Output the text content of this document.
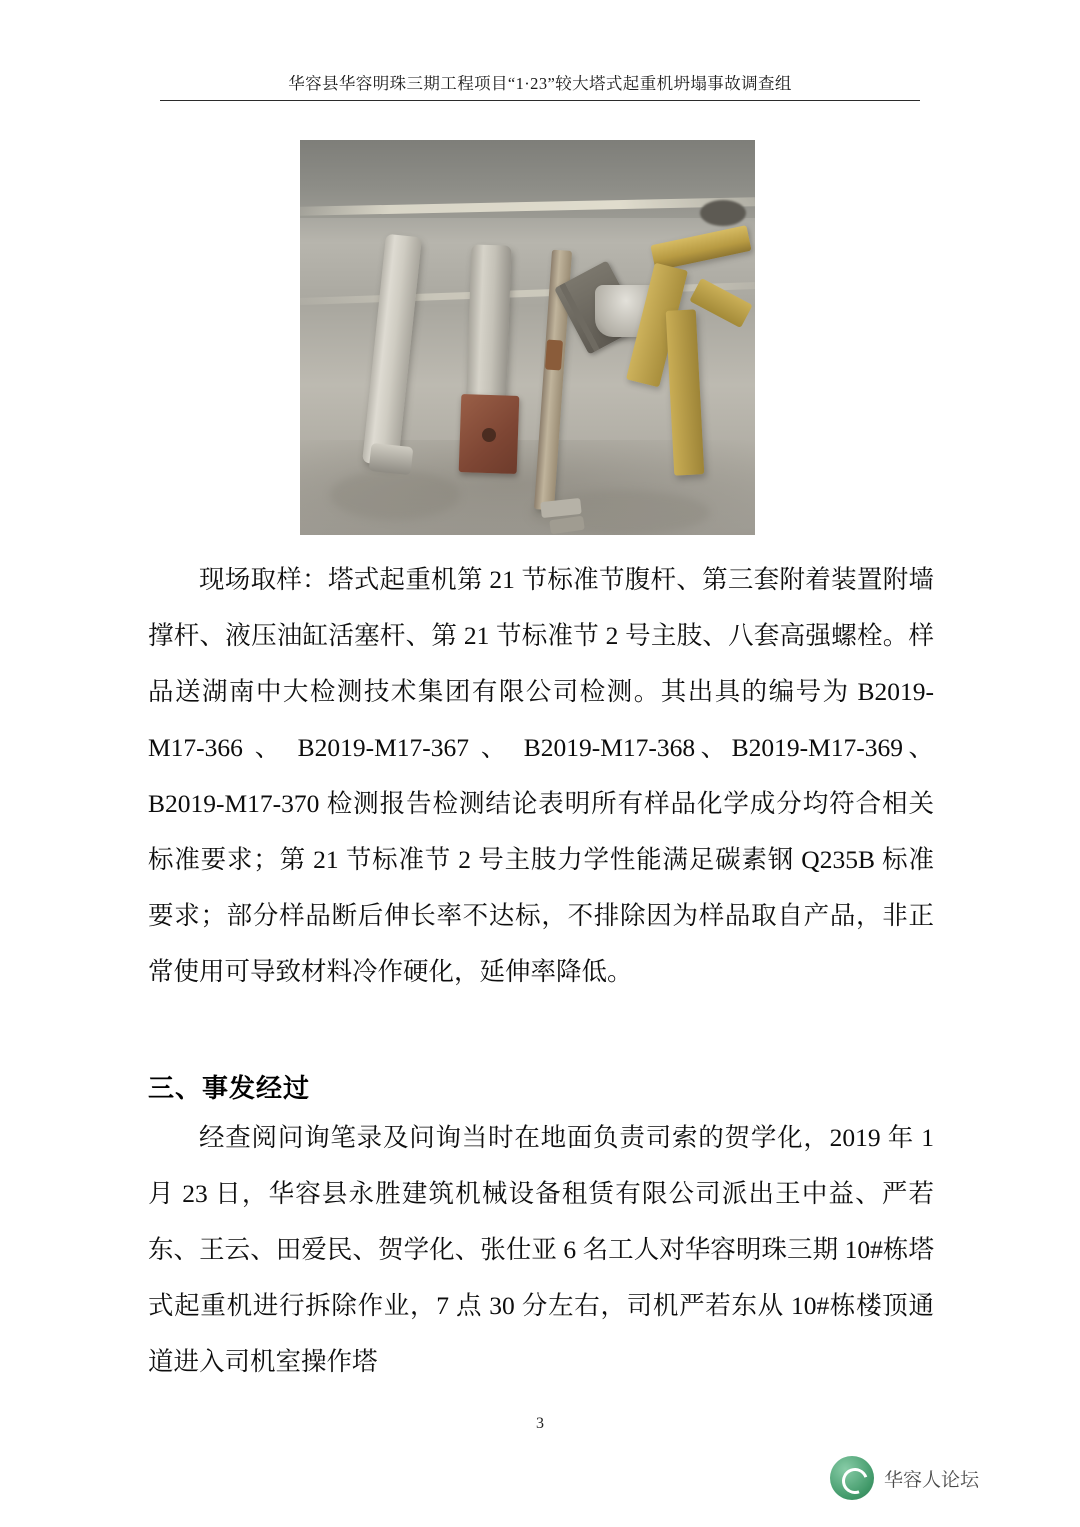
华容县华容明珠三期工程项目“1·23”较大塔式起重机坍塌事故调查组

现场取样：塔式起重机第 21 节标准节腹杆、第三套附着装置附墙撑杆、液压油缸活塞杆、第 21 节标准节 2 号主肢、八套高强螺栓。样品送湖南中大检测技术集团有限公司检测。其出具的编号为 B2019-M17-366 、 B2019-M17-367 、 B2019-M17-368、B2019-M17-369、B2019-M17-370 检测报告检测结论表明所有样品化学成分均符合相关标准要求；第 21 节标准节 2 号主肢力学性能满足碳素钢 Q235B 标准要求；部分样品断后伸长率不达标，不排除因为样品取自产品，非正常使用可导致材料冷作硬化，延伸率降低。

三、事发经过

经查阅问询笔录及问询当时在地面负责司索的贺学化，2019 年 1 月 23 日，华容县永胜建筑机械设备租赁有限公司派出王中益、严若东、王云、田爱民、贺学化、张仕亚 6 名工人对华容明珠三期 10#栋塔式起重机进行拆除作业，7 点 30 分左右，司机严若东从 10#栋楼顶通道进入司机室操作塔

3
华容人论坛
